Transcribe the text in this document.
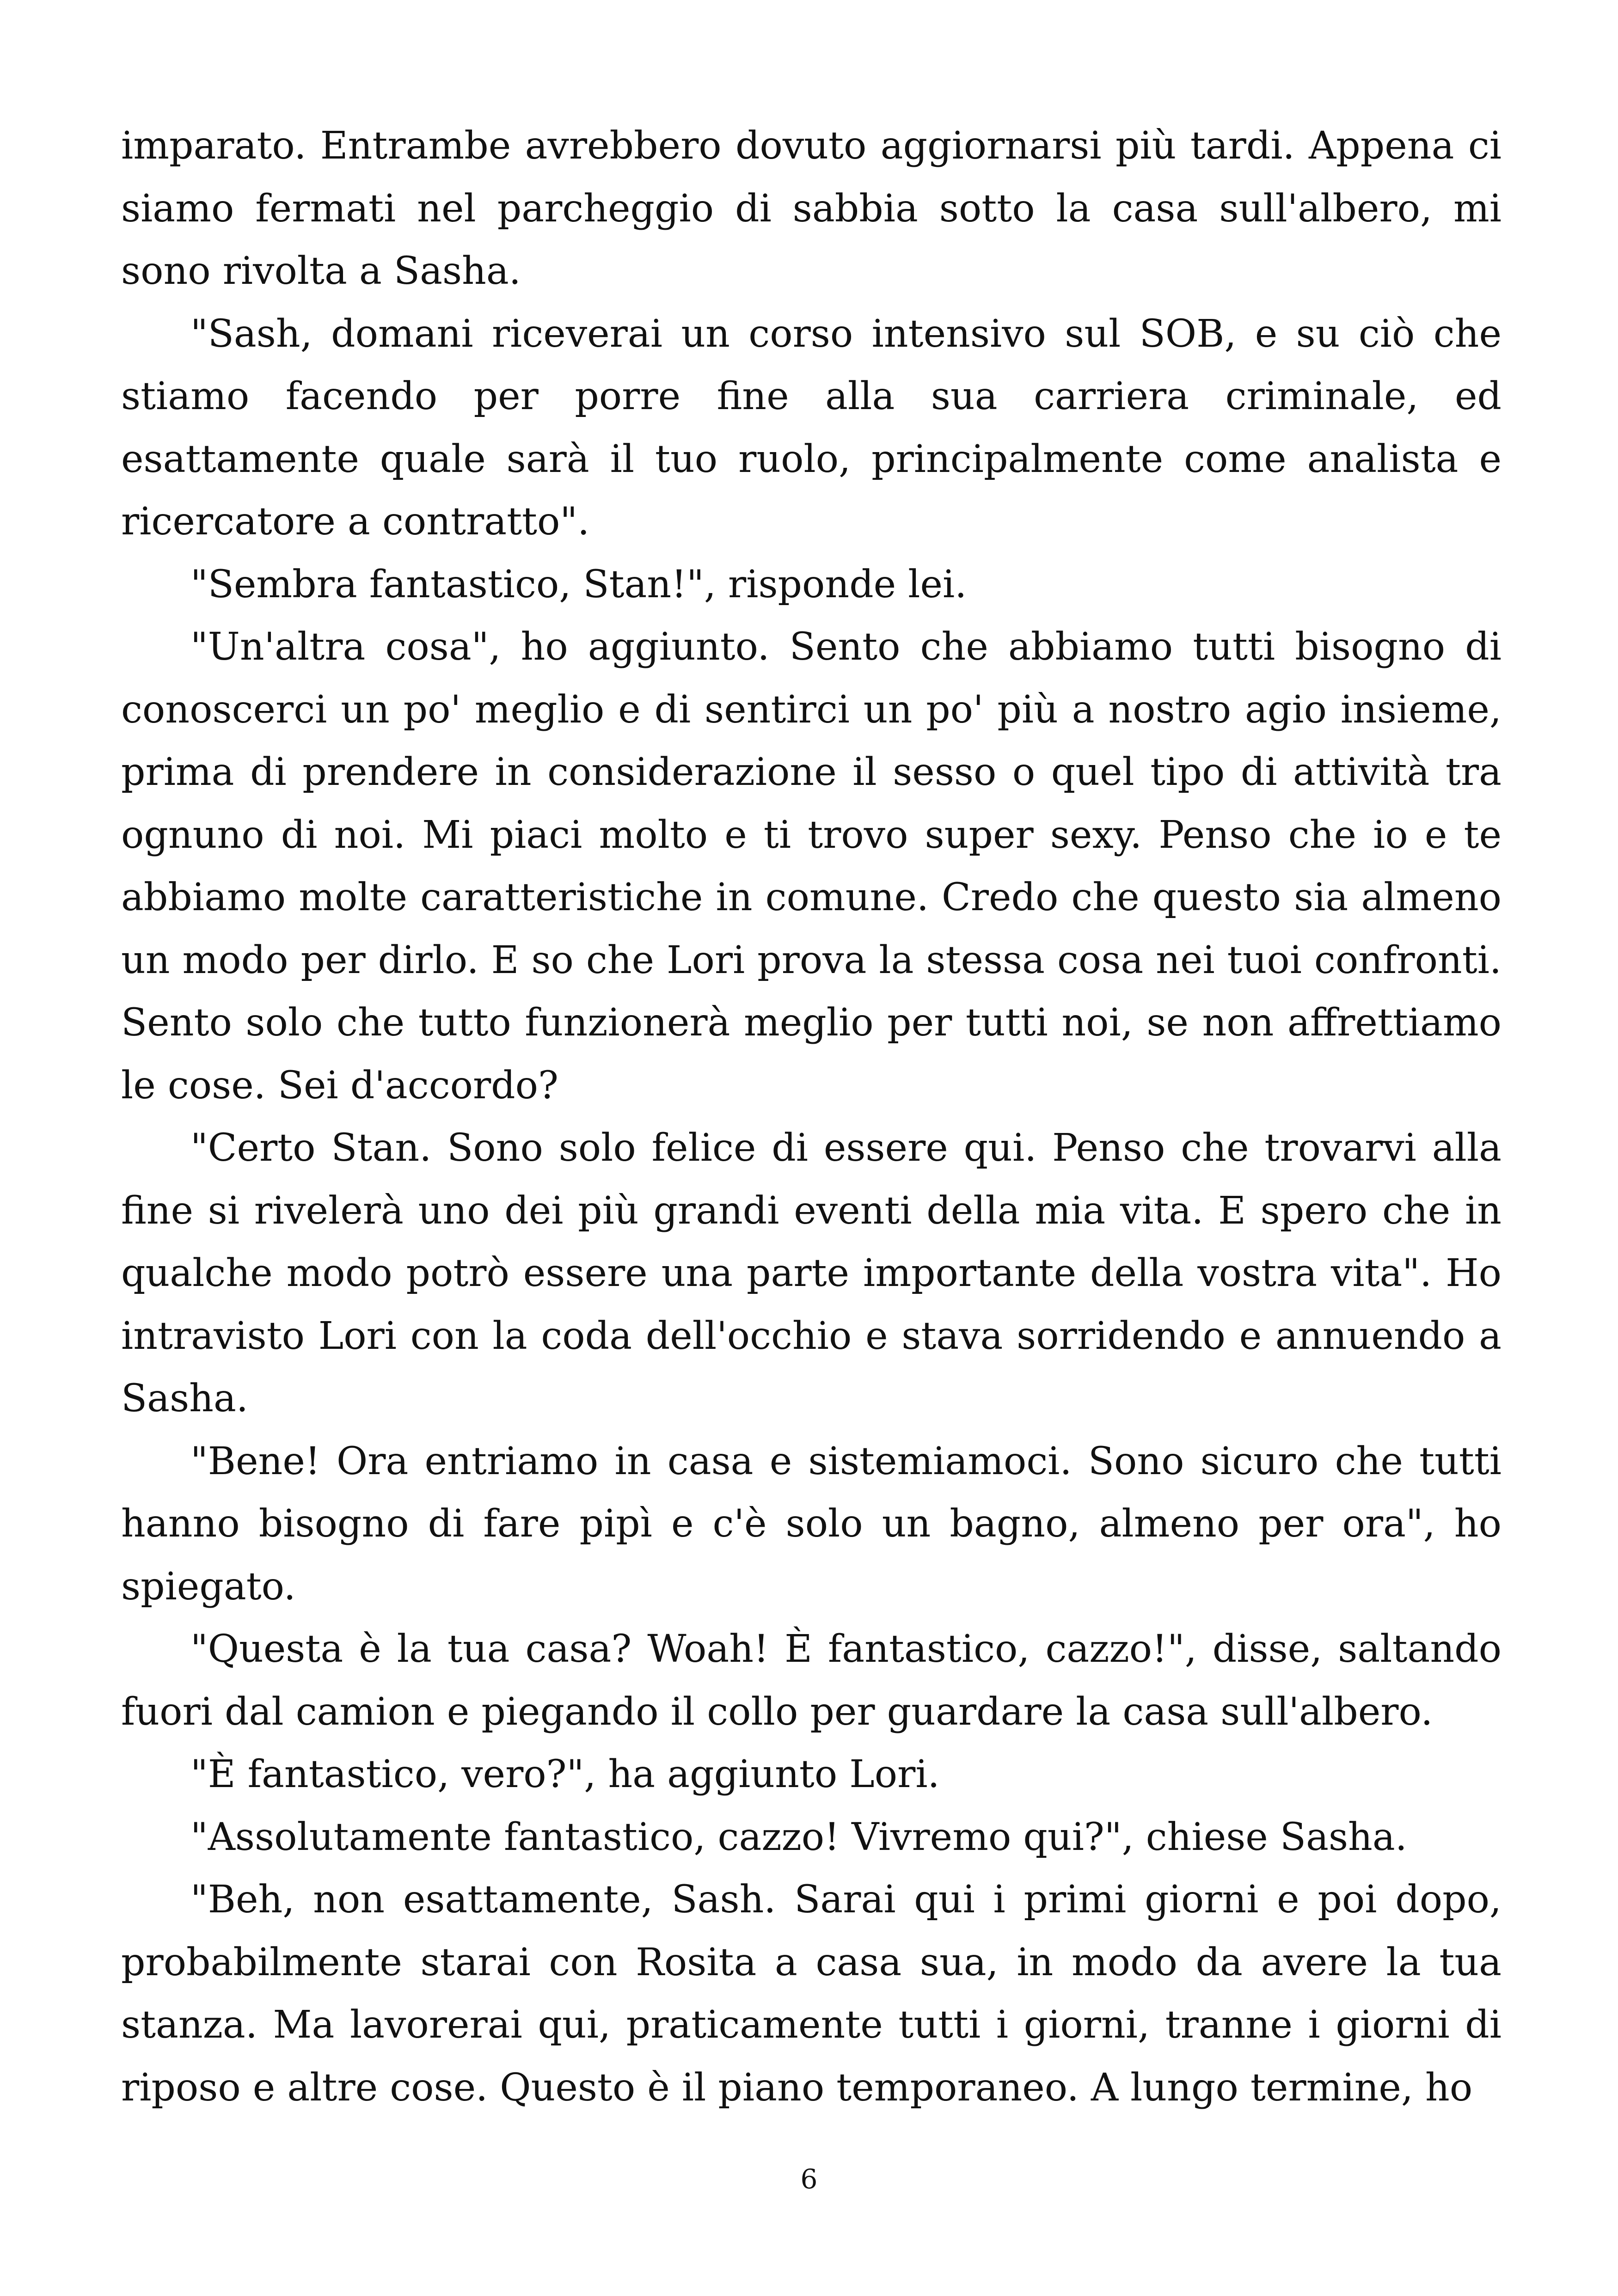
imparato. Entrambe avrebbero dovuto aggiornarsi più tardi. Appena ci siamo fermati nel parcheggio di sabbia sotto la casa sull'albero, mi sono rivolta a Sasha.

"Sash, domani riceverai un corso intensivo sul SOB, e su ciò che stiamo facendo per porre fine alla sua carriera criminale, ed esattamente quale sarà il tuo ruolo, principalmente come analista e ricercatore a contratto".

"Sembra fantastico, Stan!", risponde lei.

"Un'altra cosa", ho aggiunto. Sento che abbiamo tutti bisogno di conoscerci un po' meglio e di sentirci un po' più a nostro agio insieme, prima di prendere in considerazione il sesso o quel tipo di attività tra ognuno di noi. Mi piaci molto e ti trovo super sexy. Penso che io e te abbiamo molte caratteristiche in comune. Credo che questo sia almeno un modo per dirlo. E so che Lori prova la stessa cosa nei tuoi confronti. Sento solo che tutto funzionerà meglio per tutti noi, se non affrettiamo le cose. Sei d'accordo?

"Certo Stan. Sono solo felice di essere qui. Penso che trovarvi alla fine si rivelerà uno dei più grandi eventi della mia vita. E spero che in qualche modo potrò essere una parte importante della vostra vita". Ho intravisto Lori con la coda dell'occhio e stava sorridendo e annuendo a Sasha.

"Bene! Ora entriamo in casa e sistemiamoci. Sono sicuro che tutti hanno bisogno di fare pipì e c'è solo un bagno, almeno per ora", ho spiegato.

"Questa è la tua casa? Woah! È fantastico, cazzo!", disse, saltando fuori dal camion e piegando il collo per guardare la casa sull'albero.

"È fantastico, vero?", ha aggiunto Lori.

"Assolutamente fantastico, cazzo! Vivremo qui?", chiese Sasha.

"Beh, non esattamente, Sash. Sarai qui i primi giorni e poi dopo, probabilmente starai con Rosita a casa sua, in modo da avere la tua stanza. Ma lavorerai qui, praticamente tutti i giorni, tranne i giorni di riposo e altre cose. Questo è il piano temporaneo. A lungo termine, ho

6
